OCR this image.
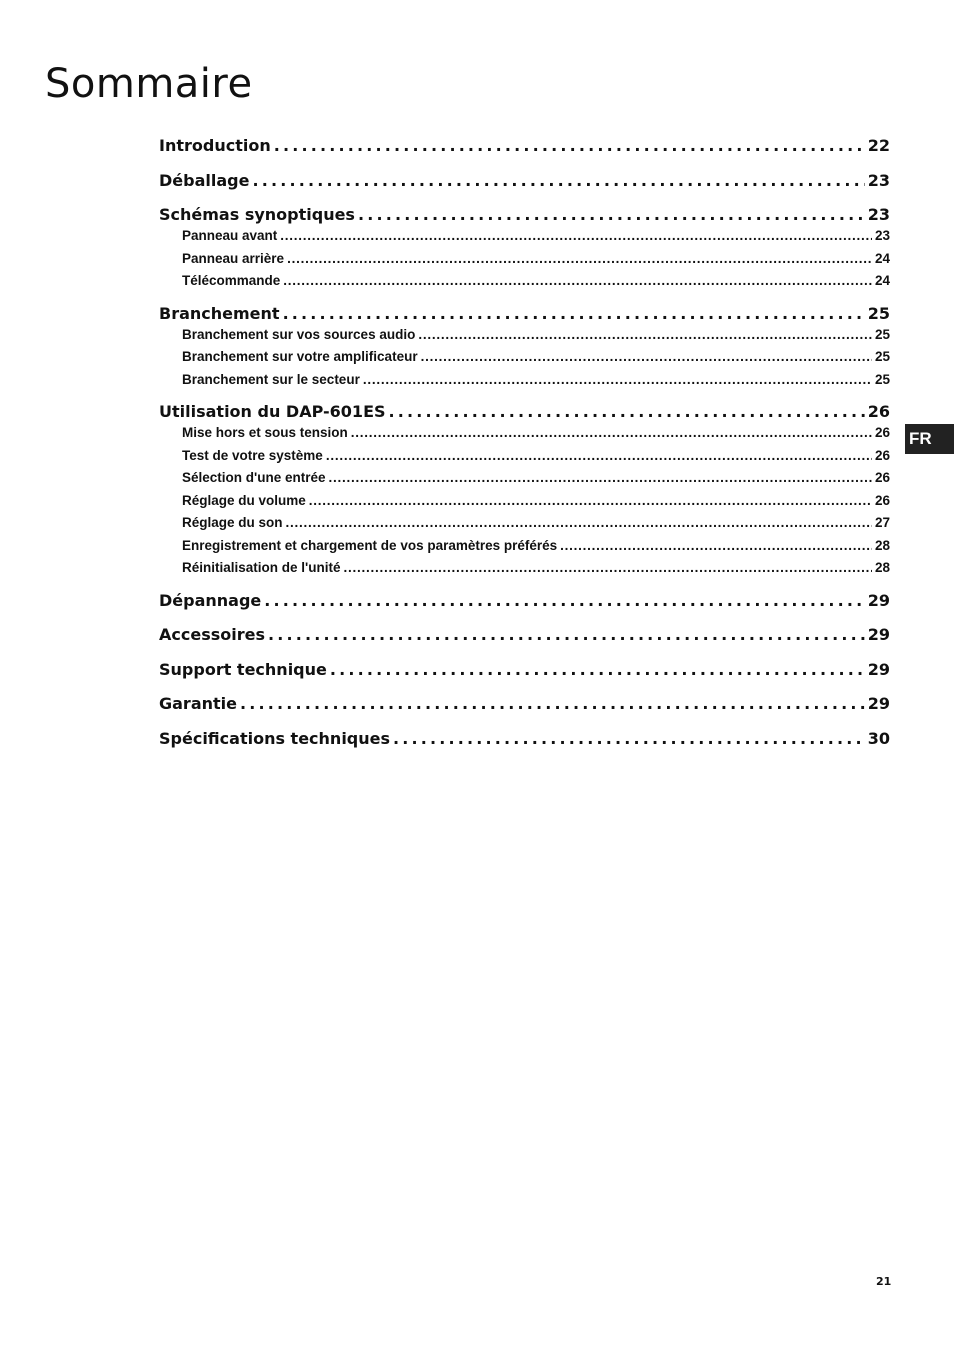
Sommaire
Introduction . . .	22
Déballage . . .	23
Schémas synoptiques . . .	23
Panneau avant . . .	23
Panneau arrière . . .	24
Télécommande . . .	24
Branchement . . .	25
Branchement sur vos sources audio . . .	25
Branchement sur votre amplificateur . . .	25
Branchement sur le secteur . . .	25
Utilisation du DAP-601ES . . .	26
Mise hors et sous tension . . .	26
Test de votre système . . .	26
Sélection d'une entrée . . .	26
Réglage du volume . . .	26
Réglage du son . . .	27
Enregistrement et chargement de vos paramètres préférés . . .	28
Réinitialisation de l'unité . . .	28
Dépannage . . .	29
Accessoires . . .	29
Support technique . . .	29
Garantie . . .	29
Spécifications techniques . . .	30
FR
21
